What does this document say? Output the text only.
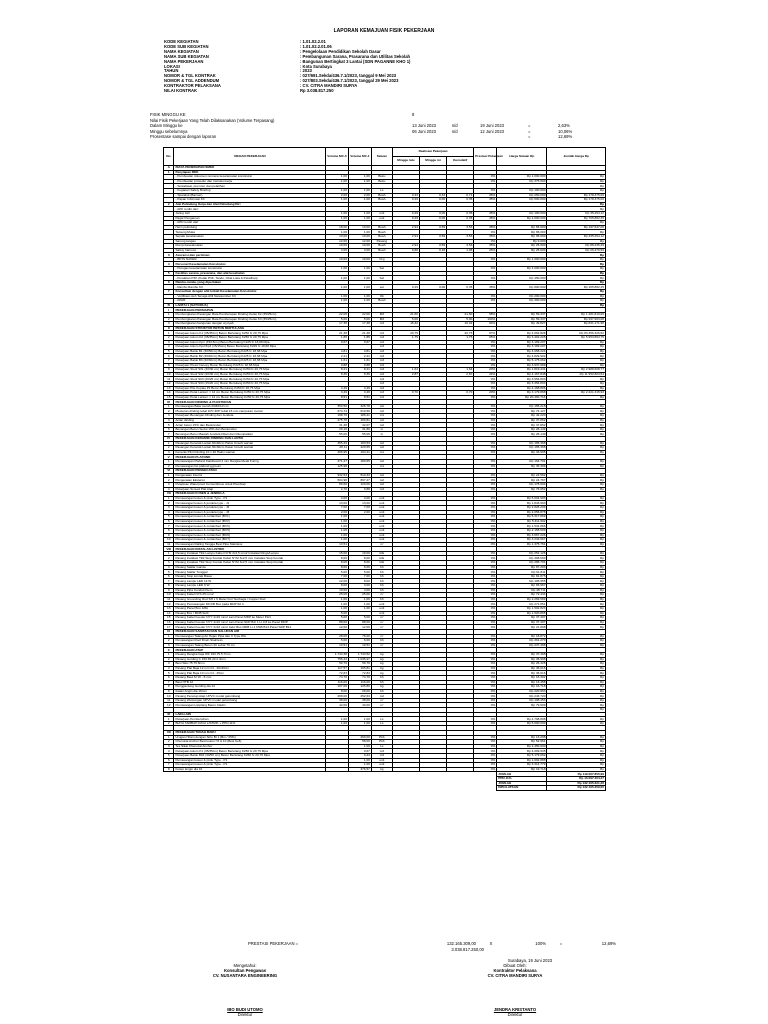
LAPORAN KEMAJUAN FISIK PEKERJAAN
KODE KEGIATAN	: 1.01.02.2.01
KODE SUB KEGIATAN	: 1.01.02.2.01.06
NAMA KEGIATAN	: Pengelolaan Pendidikan Sekolah Dasar
NAMA SUB KEGIATAN	: Pembangunan Sarana, Prasarana dan Utilitas Sekolah
NAMA PEKERJAAN	: Bangunan Bertingkat 3 Lantai (SDN PAGANNE KHO 1)
LOKASI	: Kota Surabaya
TAHUN	: 2023
NOMOR & TGL KONTRAK	: 027/691.Sekda/436.7.1/2023, tanggal 9 Mei 2023
NOMOR & TGL ADDENDUM	: 027/803.Sekda/436.7.1/2023, tanggal 29 Mei 2023
KONTRAKTOR PELAKSANA	: CV. CITRA MANDIRI SURYA
NILAI KONTRAK	Rp 3.038.817.250
FISIK MINGGU KE	8
Nilai Fisik Pekerjaan Yang Telah Dilaksanakan (Volume Terpasang)
Dalam Minggu ke	13 Juni 2023	s/d	19 Juni 2023	=	2,63%
Minggu sebelumnya	06 Juni 2023	s/d	12 Juni 2023	=	10,06%
Prosentase sampai dengan laporan	=	12,69%
No.	URAIAN PEKERJAAN	Volume MC-0	Volume MC-1	Satuan	Realisasi Pekerjaan			Prestasi Pekerjaan	Harga Satuan Rp	Jumlah Harga Rp
					Minggu lalu	Minggu ini	Kumulatif			
A	BIAYA PENERAPAN SMKK									
1	Penyiapan RKK									
	- Pembuatan dokumen rencana keselamatan konstruksi	1,00	1,00	Buku				0%	Rp 1.000.000	Rp
	- Pembuatan prosedur dan instruksi kerja	1,00	1,00	Buku				0%	Rp 375.000	Rp
	- Sosialisasi, promosi, dan pelatihan									Rp
	- Kegiatan Safety Briefing	1,00	1,00	Ls				0%	Rp 100.000	Rp
	- Spanduk (Banner)	2,00	2,00	Buah	0,33	0,33	0,71	36%	Rp 250.000	Rp 178.375,00
	- Papan Informasi K3	1,00	1,00	Buah	0,29	0,06	0,35	35%	Rp 500.000	Rp 178.375,00
2	Alat Pelindung Kerja dan Alat Pelindung Diri									Rp
	- APK terdiri dari:									Rp
	Jaring Jari	1,00	1,00	unit	0,29	0,06	0,35	35%	Rp 100.000	Rp 35.294,12
	Pagar Pengaman	1,00	1,00	unit	0,29	0,06	0,35	35%	Rp 2.000.000	Rp 705.882,35
	- APD terdiri dari:									Rp
	Helm pelindung	18,00	10,00	Buah	2,94	0,59	3,53	35%	Rp 56.000	Rp 197.647,06
	Tameng Muka	1,00	1,00	Buah				0%	Rp 65.000	Rp
	Sepatu keselamatan	10,00	10,00	Buah	2,94	0,59	3,53	35%	Rp 95.000	Rp 335.294,12
	Sarung tangan	12,00	12,00	Pasang				0%	Rp 9.000	Rp
	Rompi keselamatan	10,00	10,00	Buah	2,94	0,59	3,53	35%	Rp 25.000	Rp 88.235,29
	Safety harness	4,00	4,00	Buah	0,88	0,18	1,06	26%	Rp 25.000	Rp 26.470,59
3	Asuransi dan perizinan									Rp
	- BPJS NAKER	10,00	10,00	Org				0%	Rp 1.000.000	Rp
4	Personel Keselamatan Konstruksi									Rp
	- Petugas keselamatan konstruksi	1,00	1,00	Set				0%	Rp 2.000.000	Rp
5	Fasilitas sarana, prasarana, dan alat kesehatan									Rp
	- Peralatan P3K (Kotak P3K, Tandu, Obat Luka & Pelatihan)	1,00	1,00	Set				0%	Rp 450.000	Rp
6	Rambu-rambu yang diperlukan									Rp
	- Rambu Rambu K3	1,00	1,00	set	0,29	0,06	0,35	35%	Rp 800.000	Rp 105.882,35
7	Konsultasi dengan ahli terkait Keselamatan Konstruksi									Rp
	- Verifikasi oleh Tenaga Ahli Narasumber K3	1,00	1,00	Ok				0%	Rp 200.000	Rp
	- APAR	1,00	1,00	Buah				0%	Rp 300.000	Rp
B	LANTAI 1 (SATU/DUA)									Rp
I	PEKERJAAN PERSIAPAN									
1	Pembongkaran Pasangan Bata Pemberapan Dinding Kelas K2 (35/25cm)	22,00	22,00	M3	21,60		21,60	98%	Rp 59.337	Rp 1.281.819,00
2	Pembongkaran Pasangan Bata Pemberapan Dinding Kelas K3 (35/25cm)	5,00	5,00	M3	5,00		5,00	100%	Rp 59.337	Rp 297.963,08
3	Pembongkaran bangunan dengan wynyab	17,38	17,38	m3	16,32		16,32	94%	Rp 49.827	Rp 831.171,98
II	PEKERJAAN STRUKTUR BETON BERTULANG									
1	Pekerjaan kolom K1 (35/35cm) Beton Bertulang K250 fc 20,75 Mpa	21,38	21,38	m3	20,75		20,75	97%	Rp 4.062.826	Rp 84.356.326,52
2	Pekerjaan kolom K2 (35/35cm) Beton Bertulang K250 fc 20,75 Mpa	1,85	1,85	m3	1,75		1,75	95%	Rp 3.402.225	Rp 5.953.893,75
3	Pekerjaan kolom Kp1 (15/15cm) Beton Bertulang K225 fc 18,68 Mpa	0,67	0,67	m3				0%	Rp 3.169.207	Rp
4	Pekerjaan kolom Kp2/Kp3 (15/15cm) Beton Bertulang K225 fc 18,68 Mpa			m3				0%	Rp 3.169.207	Rp
5	Pekerjaan Balok B1 (30/50cm) Beton Bertulang K225 fc 18,68 Mpa	4,81	4,81	m3				0%	Rp 4.058.224	Rp
6	Pekerjaan Balok B2 (30/40cm) Beton Bertulang K225 fc 18,68 Mpa	2,21	2,21	m3				0%	Rp 4.829.902	Rp
7	Pekerjaan Balok B3 (20/30cm) Beton Bertulang K225 fc 18,68 Mpa	1,61	1,61	m3				0%	Rp 5.175.062	Rp
8	Pekerjaan Plesit Canopy Beton Bertulang K225 fc 18,68 Mpa	0,88	0,88	m3				0%	Rp 3.937.069	Rp
9	Pekerjaan Sloof S01 (20/30 cm) Beton Bertulang K250 fc 20,75 Mpa	8,21	8,21	m3	1,64		1,64	20%	Rp 1.819.441	Rp 2.988.608,77
10	Pekerjaan Sloof S02 (20/30 cm) Beton Bertulang K250 fc 20,75 Mpa	8,36	8,36	m3	2,87		2,87	34%	Rp 4.167.848	Rp 11.952.803,54
11	Pekerjaan Sloof S03 (20/25 cm) Beton Bertulang K250 fc 20,75 Mpa			m3				0%	Rp 3.554.803	Rp
12	Pekerjaan Sloof S04 (15/20 cm) Beton Bertulang K250 fc 20,75 Mpa			m3				0%	Rp 3.354.803	Rp
13	Pekerjaan Pile Kepala Pit Beton Bertulang K250 fc 20,75 Mpa	4,49	4,49	m3				0%	Rp 4.168.806	Rp
14	Pekerjaan Pelat Lantai t = 12 cm Beton Bertulang K250 fc 20,75 Mpa	3,49	3,49	m3	0,70		0,70	20%	Rp 3.179.868	Rp 2.221.315,93
15	Pekerjaan Pelat Lantai t = 12 cm Beton Bertulang K250 fc 20,75 Mpa	8,51	8,51	m3				0%	Rp 20.400.713	Rp
III	PEKERJAAN DINDING & PLESTERAN									
1	Pemasangan Bata merah 20/40/10 cm	353,50	326,78	m2				0%	Rp 155.218	Rp
2	Plesteran dinding tebal 1PC:4PP tebal 15 mm campuran mortar	674,74	610,56	m2				0%	Rp 74.127	Rp
3	Pekerjaan Benangan Dinding dan Jendela	198,76	186,21	m1				0%	Rp 42.220	Rp
4	Acian dinding	475,78	409,81	m2				0%	Rp 37.862	Rp
5	Acian beton 15% dan Beskonden	31,38	32,07	m2				0%	Rp 37.862	Rp
6	Benangan Beton Sudut 15% dan Beskonden	29,10	31,80	m				0%	Rp 26.149	Rp
7	Benangan Beton Bawah Jendela Ditari dan Ditempatkan	55,06	55,06	m				0%	Rp 26.149	Rp
IV	PEKERJAAN KERAMIK DINDING DAN LANTAI									
1	Pasangan Keramik Lantai 40x40cm Halus Unsoft warnai	355,29	183,53	m2				0%	Rp 165.368	Rp
2	Pasangan Keramik Lantai 30x30cm Kasar Unsoft warnai	28,11	220,65	m2				0%	Rp 165.368	Rp
3	Keramik Plint Dinding 10 x 40 Halus warnai	206,95	194,21	m1				0%	Rp 33.905	Rp
V	PEKERJAAN PLAFOND									
1	Pemasangan Plafond Kalsiboard 4 mm Rangka Metal Furing	271,27	180,65	m2				0%	Rp 164.701	Rp
2	Pemasangan list plafond gypsum	125,98		m1				0%	Rp 35.309	Rp
VI	PEKERJAAN PENGECATAN									
1	Pengecatan Interior	932,53	519,33	m2				0%	Rp 22.592	Rp
2	Pengecatan Eksterior	504,98	897,27	m2				0%	Rp 24.767	Rp
3	Pelapisan Waterproof Cementitious untuk Plat Atap	89,60	120,00	m2				0%	Rp 178.604	Rp
4	Pekerjaan Screed Plat Atap	2,70	0,88	m3				0%	Rp 76.052	Rp
VII	PEKERJAAN KUSEN & JENDELA									
1	Pemasangan kusen & pintu Type - P1	4,00	4,00	unit				0%	Rp 5.004.903	Rp
2	Pemasangan kusen & jendela type - J1	13,00	13,00	unit				0%	Rp 1.843.993	Rp
3	Pemasangan kusen & jendela type - J2	7,00	7,00	unit				0%	Rp 2.826.209	Rp
4	Pemasangan kusen & jendela type - J3	2,00	2,00	unit				0%	Rp 2.056.878	Rp
5	Pemasangan kusen & curtainfoot (BV1)	1,00		unit				0%	Rp 5.317.869	Rp
6	Pemasangan kusen & curtainfoot (BV2)	1,00		unit				0%	Rp 5.311.992	Rp
7	Pemasangan kusen & curtainfoot (BV3)	1,00		unit				0%	Rp 1.531.866	Rp
8	Pemasangan kusen & curtainfoot (BC5)	1,00		unit				0%	Rp 2.158.609	Rp
9	Pemasangan kusen & curtainfoot (BC6)	1,00		unit				0%	Rp 3.667.226	Rp
10	Pemasangan kusen & curtainfoot (BC7)	1,00		unit				0%	Rp 3.232.667	Rp
11	Pemasangan Railing Tangga Besi Pipa Stainless	13,51		m'				0%	Rp 1.375.761	Rp
VIII	PEKERJAAN INSTALASI LISTRIK									
1	Pasang Instalasi Titik Lampu Kabel NYM 3x2,5 mm2 Instalasi Rings/Lampu	15,00	19,00	titik				0%	Rp 251.126	Rp
2	Pasang Instalasi Titik Stop Kontak Kabel NYM 3x2,5 mm Instalasi Stop Kontak	8,00	8,00	titik				0%	Rp 308.600	Rp
3	Pasang Instalasi Titik Stop Kontak Kabel NYM 3x2,5 mm Instalasi Stop Kontak	8,00	8,00	titik				0%	Rp 286.791	Rp
4	Pasang Saklar Ganda	8,00	6,00	bh				0%	Rp 87.203	Rp
5	Pasang Saklar Tunggal	5,00	5,00	bh				0%	Rp 61.811	Rp
6	Pasang Stop kontak Biasa	7,00	7,00	bh				0%	Rp 81.875	Rp
7	Pasang Lampu LED 14 W	12,00	8,00	bh				0%	Rp 105.955	Rp
8	Pasang Lampu LED 9 W	8,00	3,00	bh				0%	Rp 83.967	Rp
9	Pasang Pipa Conduit Klem	10,00	4,00	bh				0%	Rp 48.711	Rp
10	Pasang Kabel NYA 25 mm2	25,00	25,00	m'				0%	Rp 72.434	Rp
11	Pasang Grounding Rod 5/8 x 6 Meter Full Tembaga / Copper Rod	1,00	1,00	bh				0%	Rp 2.269.589	Rp
12	Pasang Pemasangan MCCB Box pada MDP 6A 4	1,00	1,00	unit				0%	Rp 271.851	Rp
13	Pasang Panel Box 4/8A	1,00	1,00	unit				0%	Rp 1.502.823	Rp
14	Pasang Box / MCB Sulit	5,00		unit				0%	Rp 1.520.865	Rp
15	Pasang Kabel Feeder NYY 4x16 mm2 Lain Panel MDP ke Meter PLN	5,00	5,00	m'				0%	Rp 37.407	Rp
16	Pasang Kabel Feeder NYY 4x16 mm2 Lain Panel SDP B1/ 1 Lt.0.8 ke Panel MDP	88,00	88,00	m'				0%	Rp 37.407	Rp
17	Pasang Kabel Feeder NYY 4x16 mm2 Jalur Bus MDB Lt.1 DSB B14 Panel SDP B14	12,00	12,00	m'				0%	Rp 21.808	Rp
IX	PEKERJAAN SANITASI DAN SALURAN AIR									
1	Pemasangan Talang Air Hujan Pipa dan 4 Type WA	28,00	76,00	m'				0%	Rp 18.872	Rp
2	Pemasangan Roof Drain Stainless	5,00	6,00	bh				0%	Rp 391.270	Rp
3	Pemasangan Talang Beton 40 Lebar 70 cm	10,51	10,51	m'				0%	Rp 237.308	Rp
X	PEKERJAAN ATAP									
1	Pasang Rangka baja WF 150.75.5.7mm	1.744,38	1.744,52	kg				0%	Rp 37.468	Rp
2	Pasang Gording C 150.65.20.2.3mm	756,43	1.035,27	kg				0%	Rp 35.908	Rp
3	Besi Siku 75.75 8mm	59,79	59,79	kg				0%	Rp 26.328	Rp
4	Pasang Plat Baja 12 mm t/4 - 30x30cm	117,57	105,81	kg				0%	Rp 36.016	Rp
5	Pasang Plat Baja 10 mm t/4 - 25cm	72,83	72,83	kg				0%	Rp 36.016	Rp
6	Pasang Baut M 16 - 8 mm	74,70	74,70	bh				0%	Rp 16.302	Rp
7	Baut HTB 12	116,00	116,00	bh				0%	Rp 13.458	Rp
8	Penggantung Gording dia 12	107,00	125,80	kg				0%	Rp 16.718	Rp
9	Ikatan Angin dia 16mm	8,00	29,00	bh				0%	Rp 220.953	Rp
10	Pasang Penutup Atap UPVC model gelombang	268,00	252,63	m2				0%	Rp 243.720	Rp
11	Pasang Wuwungan UPVC model gelombang	38,00	38,00	m'				0%	Rp 108.453	Rp
12	Pemasangan Listplang Beton Cladin	42,00	40,00	m'				0%	Rp 79.609	Rp
										Rp
XI	LAIN-LAIN									
1	Pekerjaan Pembersihan	1,00	1,00	Ls				0%	Rp 4.798.808	Rp
2	BIAYA TAMBAH DAYA LISTRIK + PPN 11%	1,00	1,00	Ls				0%	Rp 5.000.000	Rp

XII	PEKERJAAN TANAH BARU									
1	Urugan Hitam dengan Sirtu Bt 1 (Bm / 25%)		260,00	Pkb				0%	Rp 13.208	Rp
2	Chemical Anchor Besi kolom f 8 & 10 (Besi 6+8)		58,00	Pkb				0%	Rp 52.961	Rp
3	Tes Sikat Chemical Anchor		1,00	Ls				0%	Rp 2.450.000	Rp
4	Pekerjaan kolom K1 (35/35cm) Beton Bertulang K250 fc 20,75 Mpa		0,67	m3				0%	Rp 4.009.935	Rp
5	Pekerjaan Balok B02 (30/50 cm) Beton Bertulang K250 fc 20,75 Mpa		0,24	m3				0%	Rp 5.179.062	Rp
6	Pemasangan kusen & pintu Type - P1		1,00	unit				0%	Rp 1.692.888	Rp
7	Pemasangan kusen & pintu Type - P1		1,00	unit				0%	Rp 3.314.779	Rp
8	Kolam Engin dia 16		376,57	kg				0%	Rp 19.718	Rp
									JUMLAH	Rp 119.067.856,99
									PPN 11%	Rp 13.097.464,27
									JUMLAH	Rp 132.165.321,26
									DIBULATKAN	Rp 132.165.309,00
PRESTASI PEKERJAAN =	132.165.309,00	X	100%	=	12,69%
3.038.817.250,00
Surabaya, 19 Juni 2023
Mengetahui:
Konsultan Pengawas
CV. NUSANTARA ENGINEERING
Dibuat Oleh:
Kontraktor Pelaksana
CV. CITRA MANDIRI SURYA
IBO BUDI UTOMO
Direktur
JENDRA KRISTANTO
Direktur
